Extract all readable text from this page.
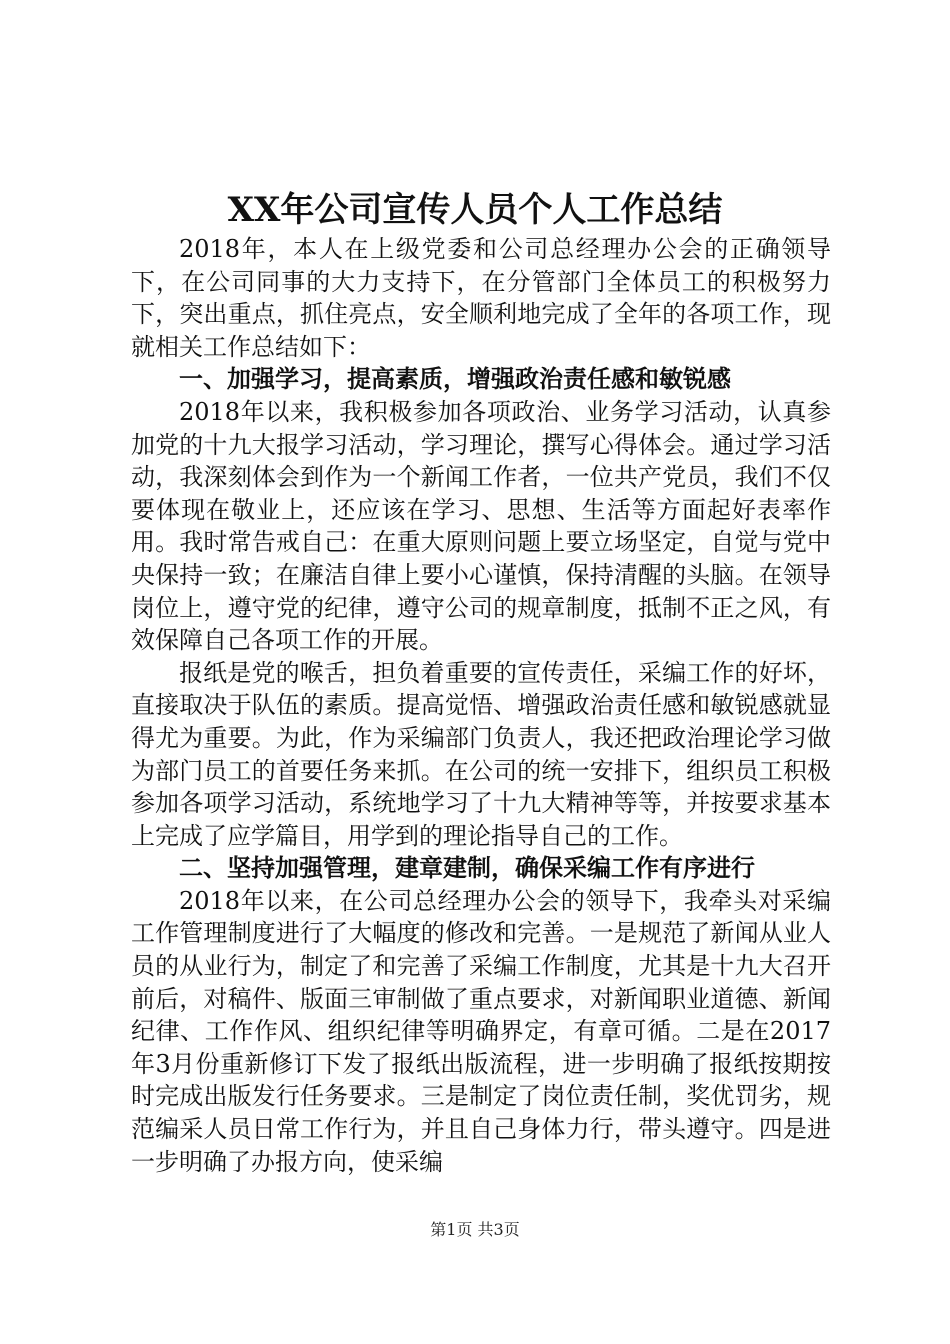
XX年公司宣传人员个人工作总结

2018年，本人在上级党委和公司总经理办公会的正确领导下，在公司同事的大力支持下，在分管部门全体员工的积极努力下，突出重点，抓住亮点，安全顺利地完成了全年的各项工作，现就相关工作总结如下：

一、加强学习，提高素质，增强政治责任感和敏锐感

2018年以来，我积极参加各项政治、业务学习活动，认真参加党的十九大报学习活动，学习理论，撰写心得体会。通过学习活动，我深刻体会到作为一个新闻工作者，一位共产党员，我们不仅要体现在敬业上，还应该在学习、思想、生活等方面起好表率作用。我时常告戒自己：在重大原则问题上要立场坚定，自觉与党中央保持一致；在廉洁自律上要小心谨慎，保持清醒的头脑。在领导岗位上，遵守党的纪律，遵守公司的规章制度，抵制不正之风，有效保障自己各项工作的开展。

报纸是党的喉舌，担负着重要的宣传责任，采编工作的好坏，直接取决于队伍的素质。提高觉悟、增强政治责任感和敏锐感就显得尤为重要。为此，作为采编部门负责人，我还把政治理论学习做为部门员工的首要任务来抓。在公司的统一安排下，组织员工积极参加各项学习活动，系统地学习了十九大精神等等，并按要求基本上完成了应学篇目，用学到的理论指导自己的工作。

二、坚持加强管理，建章建制，确保采编工作有序进行

2018年以来，在公司总经理办公会的领导下，我牵头对采编工作管理制度进行了大幅度的修改和完善。一是规范了新闻从业人员的从业行为，制定了和完善了采编工作制度，尤其是十九大召开前后，对稿件、版面三审制做了重点要求，对新闻职业道德、新闻纪律、工作作风、组织纪律等明确界定，有章可循。二是在2017年3月份重新修订下发了报纸出版流程，进一步明确了报纸按期按时完成出版发行任务要求。三是制定了岗位责任制，奖优罚劣，规范编采人员日常工作行为，并且自己身体力行，带头遵守。四是进一步明确了办报方向，使采编

第1页 共3页
